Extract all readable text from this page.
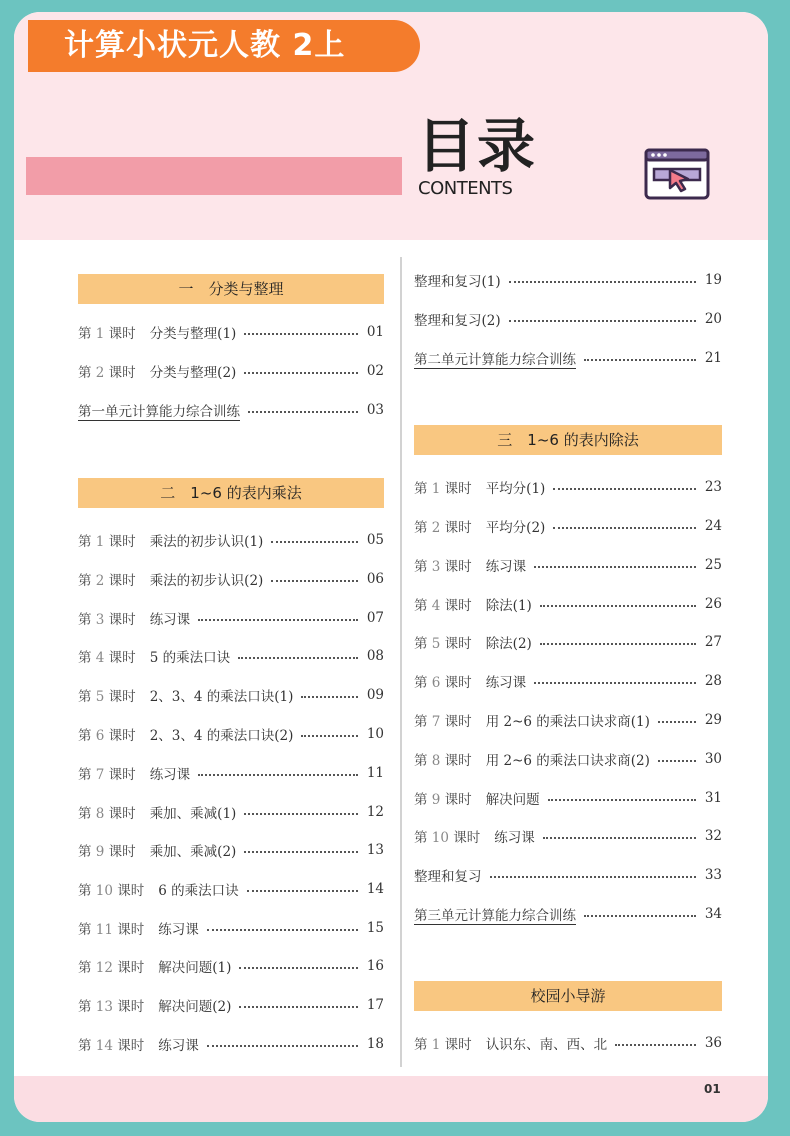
计算小状元人教 2上
目录
CONTENTS
一　分类与整理
第 1 课时 分类与整理(1)	01
第 2 课时 分类与整理(2)	02
第一单元计算能力综合训练	03
二　1~6 的表内乘法
第 1 课时 乘法的初步认识(1)	05
第 2 课时 乘法的初步认识(2)	06
第 3 课时 练习课	07
第 4 课时 5 的乘法口诀	08
第 5 课时 2、3、4 的乘法口诀(1)	09
第 6 课时 2、3、4 的乘法口诀(2)	10
第 7 课时 练习课	11
第 8 课时 乘加、乘减(1)	12
第 9 课时 乘加、乘减(2)	13
第 10 课时 6 的乘法口诀	14
第 11 课时 练习课	15
第 12 课时 解决问题(1)	16
第 13 课时 解决问题(2)	17
第 14 课时 练习课	18
整理和复习(1)	19
整理和复习(2)	20
第二单元计算能力综合训练	21
三　1~6 的表内除法
第 1 课时 平均分(1)	23
第 2 课时 平均分(2)	24
第 3 课时 练习课	25
第 4 课时 除法(1)	26
第 5 课时 除法(2)	27
第 6 课时 练习课	28
第 7 课时 用 2~6 的乘法口诀求商(1)	29
第 8 课时 用 2~6 的乘法口诀求商(2)	30
第 9 课时 解决问题	31
第 10 课时 练习课	32
整理和复习	33
第三单元计算能力综合训练	34
校园小导游
第 1 课时 认识东、南、西、北	36
01
